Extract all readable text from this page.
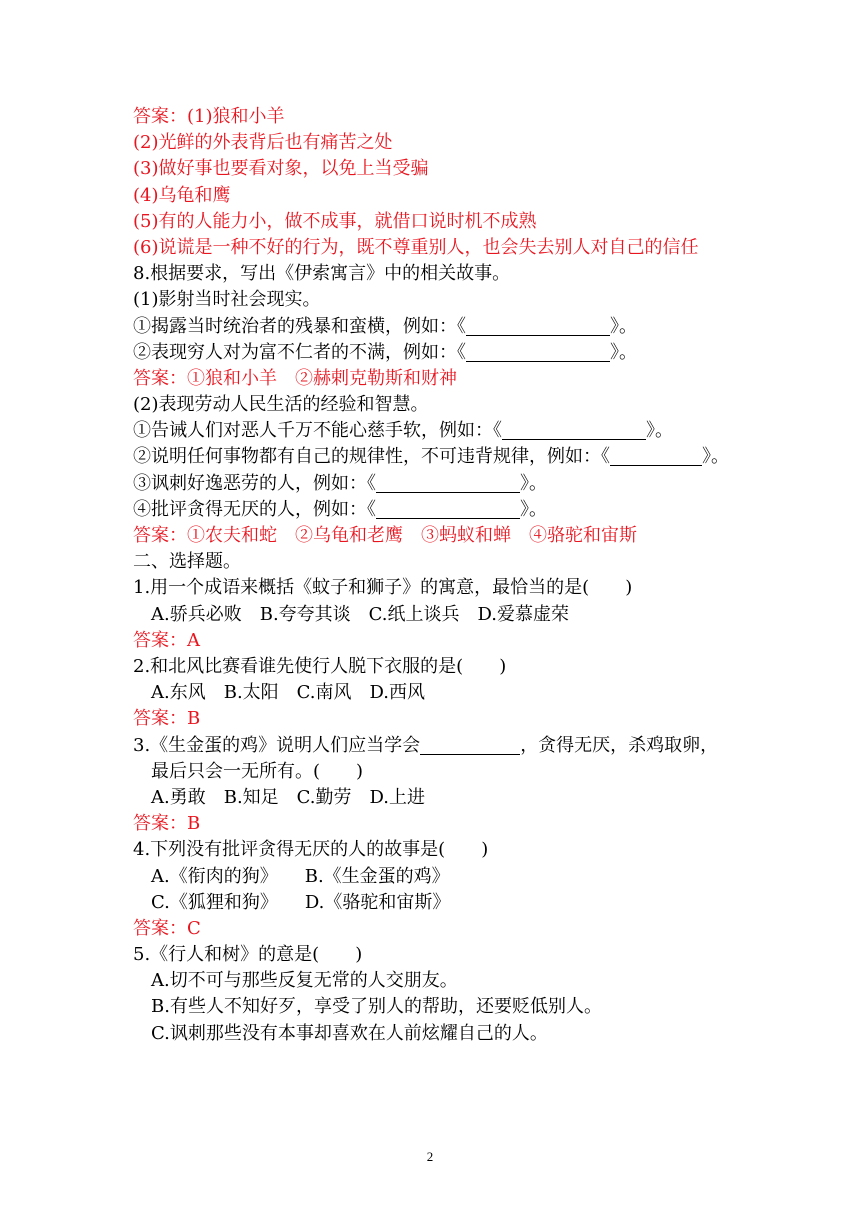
答案：(1)狼和小羊
(2)光鲜的外表背后也有痛苦之处
(3)做好事也要看对象，以免上当受骗
(4)乌龟和鹰
(5)有的人能力小，做不成事，就借口说时机不成熟
(6)说谎是一种不好的行为，既不尊重别人，也会失去别人对自己的信任
8.根据要求，写出《伊索寓言》中的相关故事。
(1)影射当时社会现实。
①揭露当时统治者的残暴和蛮横，例如：《	》。
②表现穷人对为富不仁者的不满，例如：《	》。
答案：①狼和小羊　②赫剌克勒斯和财神
(2)表现劳动人民生活的经验和智慧。
①告诫人们对恶人千万不能心慈手软，例如：《	》。
②说明任何事物都有自己的规律性，不可违背规律，例如：《	》。
③讽刺好逸恶劳的人，例如：《	》。
④批评贪得无厌的人，例如：《	》。
答案：①农夫和蛇　②乌龟和老鹰　③蚂蚁和蝉　④骆驼和宙斯
二、选择题。
1.用一个成语来概括《蚊子和狮子》的寓意，最恰当的是(　　)
A.骄兵必败　B.夸夸其谈　C.纸上谈兵　D.爱慕虚荣
答案：A
2.和北风比赛看谁先使行人脱下衣服的是(　　)
A.东风　B.太阳　C.南风　D.西风
答案：B
3.《生金蛋的鸡》说明人们应当学会	，贪得无厌，杀鸡取卵，最后只会一无所有。(　　)
A.勇敢　B.知足　C.勤劳　D.上进
答案：B
4.下列没有批评贪得无厌的人的故事是(　　)
A.《衔肉的狗》　　B.《生金蛋的鸡》
C.《狐狸和狗》　　D.《骆驼和宙斯》
答案：C
5.《行人和树》的意是(　　)
A.切不可与那些反复无常的人交朋友。
B.有些人不知好歹，享受了别人的帮助，还要贬低别人。
C.讽刺那些没有本事却喜欢在人前炫耀自己的人。
2
